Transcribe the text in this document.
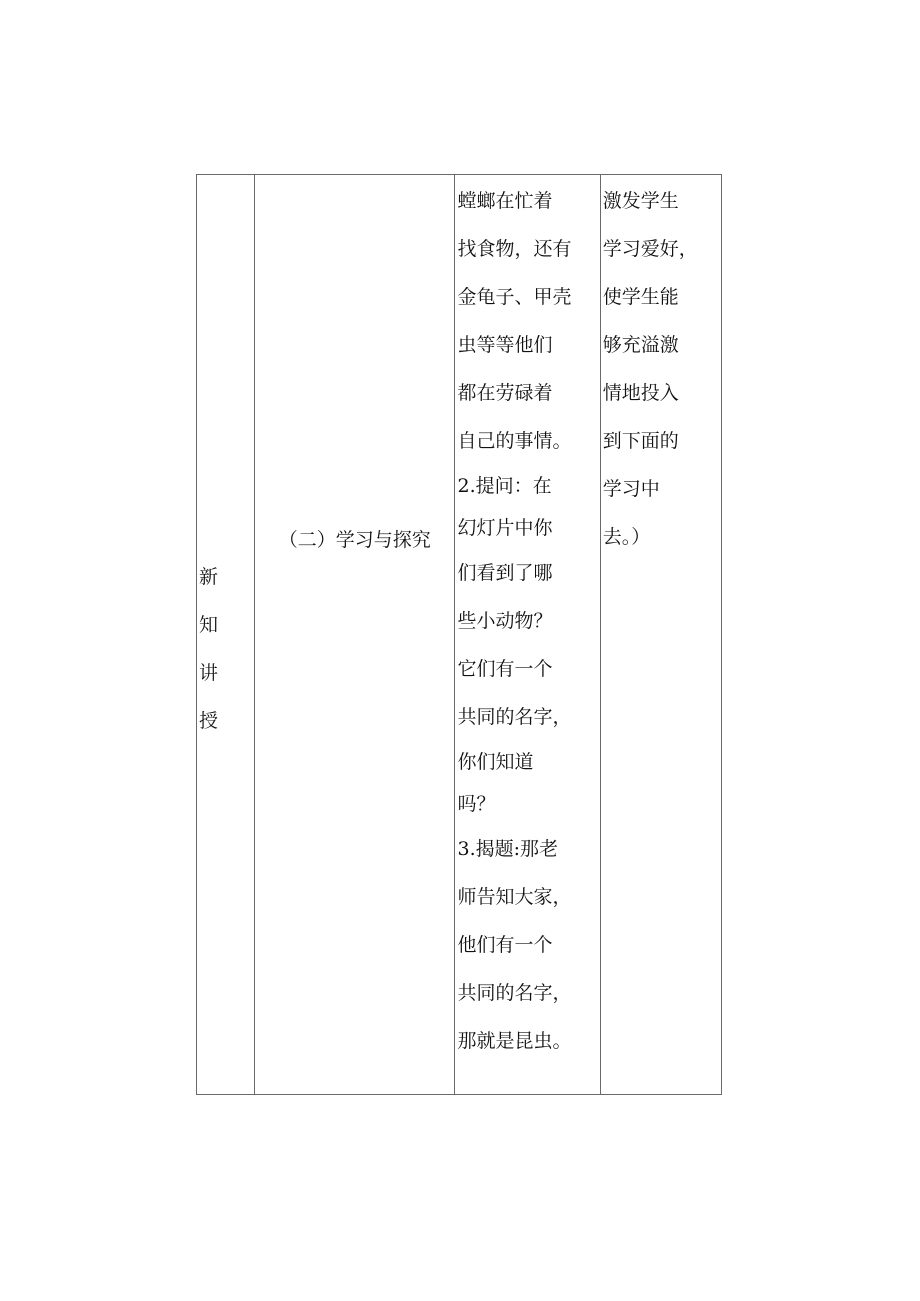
新
知
讲
授

（二）学习与探究

螳螂在忙着
找食物，还有
金龟子、甲壳
虫等等他们
都在劳碌着
自己的事情。
2.提问：在
幻灯片中你
们看到了哪
些小动物？
它们有一个
共同的名字，
你们知道
吗？
3.揭题:那老
师告知大家，
他们有一个
共同的名字，
那就是昆虫。

激发学生
学习爱好，
使学生能
够充溢激
情地投入
到下面的
学习中
去。）
